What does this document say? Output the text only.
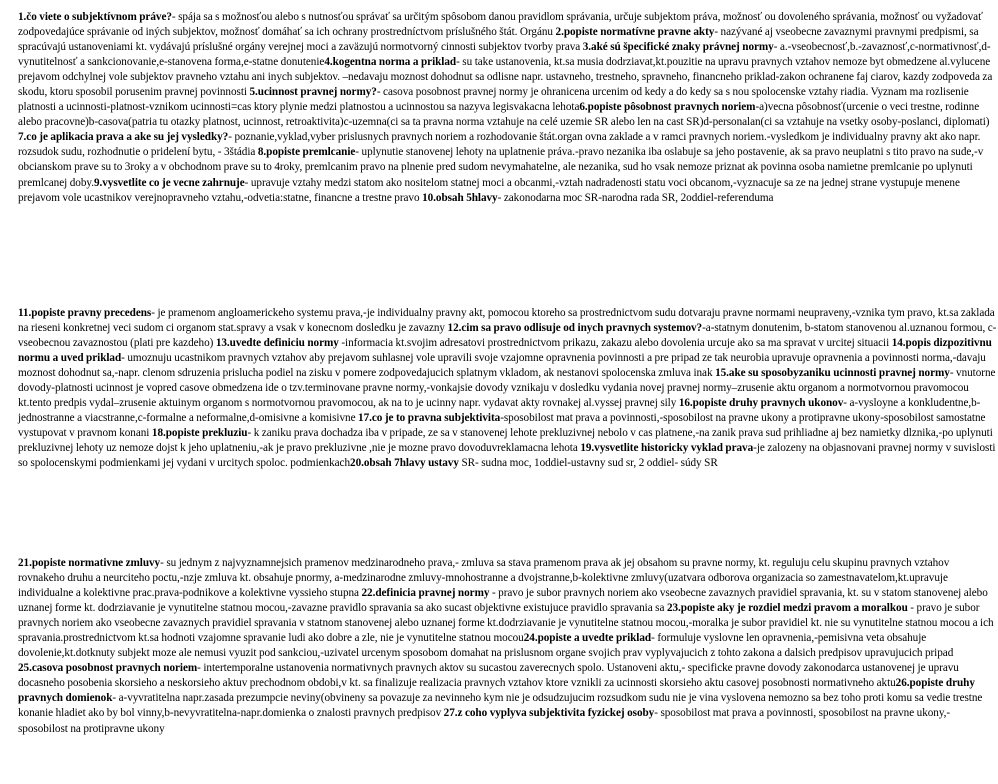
1.čo viete o subjektívnom práve?- spája sa s možnosťou alebo s nutnosťou správať sa určitým spôsobom danou pravidlom správania, určuje subjektom práva, možnosť ou dovoleného správania, možnosť ou vyžadovať zodpovedajúce správanie od iných subjektov, možnosť domáhať sa ich ochrany prostredníctvom príslušného štát. Orgánu 2.popiste normatívne pravne akty- nazývané aj vseobecne zavaznymi pravnymi predpismi, sa spracúvajú ustanoveniami kt. vydávajú príslušné orgány verejnej moci a zaväzujú normotvorný cinnosti subjektov tvorby prava 3.aké sú špecifické znaky právnej normy- a.-vseobecnosť,b.-zavaznosť,c-normativnosť,d-vynutitelnosť a sankcionovanie,e-stanovena forma,e-statne donutenie4.kogentna norma a priklad- su take ustanovenia, kt.sa musia dodrziavat,kt.pouzitie na upravu pravnych vztahov nemoze byt obmedzene al.vylucene prejavom odchylnej vole subjektov pravneho vztahu ani inych subjektov. –nedavaju moznost dohodnut sa odlisne napr. ustavneho, trestneho, spravneho, financneho priklad-zakon ochranene faj ciarov, kazdy zodpoveda za skodu, ktoru sposobil porusenim pravnej povinnosti 5.ucinnost pravnej normy?- casova posobnost pravnej normy je ohranicena urcenim od kedy a do kedy sa s nou spolocenske vztahy riadia. Vyznam ma rozlisenie platnosti a ucinnosti-platnost-vznikom ucinnosti=cas ktory plynie medzi platnostou a ucinnostou sa nazyva legisvakacna lehota6.popiste pôsobnost pravnych noriem-a)vecna pôsobnosť(urcenie o veci trestne, rodinne alebo pracovne)b-casova(patria tu otazky platnost, ucinnost, retroaktivita)c-uzemna(ci sa ta pravna norma vztahuje na celé uzemie SR alebo len na cast SR)d-personalan(ci sa vztahuje na vsetky osoby-poslanci, diplomati) 7.co je aplikacia prava a ake su jej vysledky?- poznanie,vyklad,vyber prislusnych pravnych noriem a rozhodovanie štát.organ ovna zaklade a v ramci pravnych noriem.-vysledkom je individualny pravny akt ako napr. rozsudok sudu, rozhodnutie o pridelení bytu, - 3štádia 8.popiste premlcanie- uplynutie stanovenej lehoty na uplatnenie práva.-pravo nezanika iba oslabuje sa jeho postavenie, ak sa pravo neuplatni s tito pravo na sude,-v obcianskom prave su to 3roky a v obchodnom prave su to 4roky, premlcanim pravo na plnenie pred sudom nevymahatelne, ale nezanika, sud ho vsak nemoze priznat ak povinna osoba namietne premlcanie po uplynuti premlcanej doby.9.vysvetlite co je vecne zahrnuje- upravuje vztahy medzi statom ako nositelom statnej moci a obcanmi,-vztah nadradenosti statu voci obcanom,-vyznacuje sa ze na jednej strane vystupuje menene prejavom vole ucastnikov verejnopravneho vztahu,-odvetia:statne, financne a trestne pravo 10.obsah 5hlavy- zakonodarna moc SR-narodna rada SR, 2oddiel-referenduma
11.popiste pravny precedens- je pramenom angloamerickeho systemu prava,-je individualny pravny akt, pomocou ktoreho sa prostrednictvom sudu dotvaraju pravne normami neupraveny,-vznika tym pravo, kt.sa zaklada na rieseni konkretnej veci sudom ci organom stat.spravy a vsak v konecnom dosledku je zavazny 12.cim sa pravo odlisuje od inych pravnych systemov?-a-statnym donutenim, b-statom stanovenou al.uznanou formou, c-vseobecnou zavaznostou (plati pre kazdeho) 13.uvedte definiciu normy -informacia kt.svojim adresatovi prostrednictvom prikazu, zakazu alebo dovolenia urcuje ako sa ma spravat v urcitej situacii 14.popis dizpozitivnu normu a uved priklad- umoznuju ucastnikom pravnych vztahov aby prejavom suhlasnej vole upravili svoje vzajomne opravnenia povinnosti a pre pripad ze tak neurobia upravuje opravnenia a povinnosti norma,-davaju moznost dohodnut sa,-napr. clenom sdruzenia prislucha podiel na zisku v pomere zodpovedajucich splatnym vkladom, ak nestanovi spolocenska zmluva inak 15.ake su sposobyzaniku ucinnosti pravnej normy- vnutorne dovody-platnosti ucinnost je vopred casove obmedzena ide o tzv.terminovane pravne normy,-vonkajsie dovody vznikaju v dosledku vydania novej pravnej normy–zrusenie aktu organom a normotvornou pravomocou kt.tento predpis vydal–zrusenie aktuinym organom s normotvornou pravomocou, ak na to je ucinny napr. vydavat akty rovnakej al.vyssej pravnej sily 16.popiste druhy pravnych ukonov- a-vysloyne a konkludentne,b-jednostranne a viacstranne,c-formalne a neformalne,d-omisivne a komisivne 17.co je to pravna subjektivita-sposobilost mat prava a povinnosti,-sposobilost na pravne ukony a protipravne ukony-sposobilost samostatne vystupovat v pravnom konani 18.popiste prekluziu- k zaniku prava dochadza iba v pripade, ze sa v stanovenej lehote prekluzivnej nebolo v cas platnene,-na zanik prava sud prihliadne aj bez namietky dlznika,-po uplynuti prekluzivnej lehoty uz nemoze dojst k jeho uplatneniu,-ak je pravo prekluzivne ,nie je mozne pravo dovoduvreklamacna lehota 19.vysvetlite historicky vyklad prava-je zalozeny na objasnovani pravnej normy v suvislosti so spolocenskymi podmienkami jej vydani v urcitych spoloc. podmienkach20.obsah 7hlavy ustavy SR- sudna moc, 1oddiel-ustavny sud sr, 2 oddiel- súdy SR
21.popiste normativne zmluvy- su jednym z najvyznamnejsich pramenov medzinarodneho prava,- zmluva sa stava pramenom prava ak jej obsahom su pravne normy, kt. reguluju celu skupinu pravnych vztahov rovnakeho druhu a neurciteho poctu,-nzje zmluva kt. obsahuje pnormy, a-medzinarodne zmluvy-mnohostranne a dvojstranne,b-kolektivne zmluvy(uzatvara odborova organizacia so zamestnavatelom,kt.upravuje individualne a kolektivne prac.prava-podnikove a kolektivne vyssieho stupna 22.definicia pravnej normy - pravo je subor pravnych noriem ako vseobecne zavaznych pravidiel spravania, kt. su v statom stanovenej alebo uznanej forme kt. dodrziavanie je vynutitelne statnou mocou,-zavazne pravidlo spravania sa ako sucast objektivne existujuce pravidlo spravania sa 23.popiste aky je rozdiel medzi pravom a moralkou - pravo je subor pravnych noriem ako vseobecne zavaznych pravidiel spravania v statnom stanovenej alebo uznanej forme kt.dodrziavanie je vynutitelne statnou mocou,-moralka je subor pravidiel kt. nie su vynutitelne statnou mocou a ich spravania.prostrednictvom kt.sa hodnoti vzajomne spravanie ludi ako dobre a zle, nie je vynutitelne statnou mocou24.popiste a uvedte priklad- formuluje vyslovne len opravnenia,-pemisivna veta obsahuje dovolenie,kt.dotknuty subjekt moze ale nemusi vyuzit pod sankciou,-uzivatel urcenym sposobom domahat na prislusnom organe svojich prav vyplyvajucich z tohto zakona a dalsich predpisov upravujucich pripad 25.casova posobnost pravnych noriem- intertemporalne ustanovenia normativnych pravnych aktov su sucastou zaverecnych spolo. Ustanoveni aktu,- specificke pravne dovody zakonodarca ustanovenej je upravu docasneho posobenia skorsieho a neskorsieho aktuv prechodnom obdobi,v kt. sa finalizuje realizacia pravnych vztahov ktore vznikli za ucinnosti skorsieho aktu casovej posobnosti normativneho aktu26.popiste druhy pravnych domienok- a-vyvratitelna napr.zasada prezumpcie neviny(obvineny sa povazuje za nevinneho kym nie je odsudzujucim rozsudkom sudu nie je vina vyslovena nemozno sa bez toho proti komu sa vedie trestne konanie hladiet ako by bol vinny,b-nevyvratitelna-napr.domienka o znalosti pravnych predpisov 27.z coho vyplyva subjektivita fyzickej osoby- sposobilost mat prava a povinnosti, sposobilost na pravne ukony,-sposobilost na protipravne ukony
